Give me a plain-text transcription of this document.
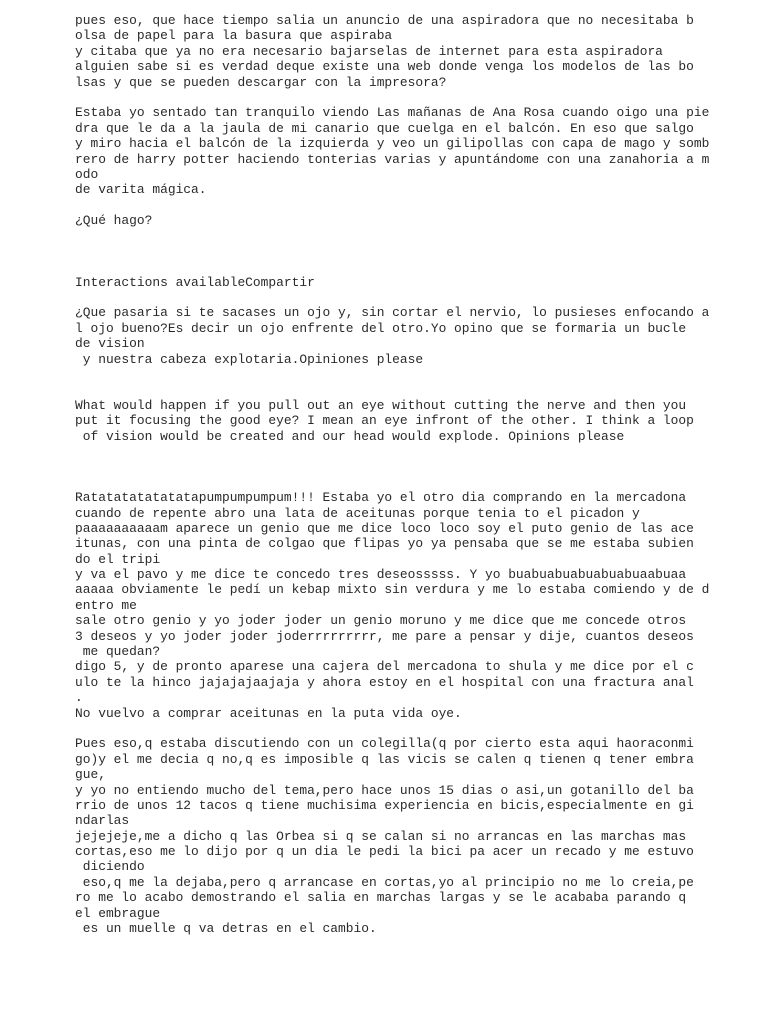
pues eso, que hace tiempo salia un anuncio de una aspiradora que no necesitaba b
olsa de papel para la basura que aspiraba
y citaba que ya no era necesario bajarselas de internet para esta aspiradora
alguien sabe si es verdad deque existe una web donde venga los modelos de las bo
lsas y que se pueden descargar con la impresora?
Estaba yo sentado tan tranquilo viendo Las mañanas de Ana Rosa cuando oigo una pie
dra que le da a la jaula de mi canario que cuelga en el balcón. En eso que salgo
y miro hacia el balcón de la izquierda y veo un gilipollas con capa de mago y somb
rero de harry potter haciendo tonterias varias y apuntándome con una zanahoria a m
odo
de varita mágica.
¿Qué hago?
Interactions availableCompartir
¿Que pasaria si te sacases un ojo y, sin cortar el nervio, lo pusieses enfocando a
l ojo bueno?Es decir un ojo enfrente del otro.Yo opino que se formaria un bucle
de vision
y nuestra cabeza explotaria.Opiniones please
What would happen if you pull out an eye without cutting the nerve and then you
put it focusing the good eye? I mean an eye infront of the other. I think a loop
of vision would be created and our head would explode. Opinions please
Ratatatatatatatapumpumpumpum!!! Estaba yo el otro dia comprando en la mercadona
cuando de repente abro una lata de aceitunas porque tenia to el picadon y
paaaaaaaaaam aparece un genio que me dice loco loco soy el puto genio de las ace
itunas, con una pinta de colgao que flipas yo ya pensaba que se me estaba subien
do el tripi
y va el pavo y me dice te concedo tres deseosssss. Y yo buabuabuabuabuabuaabuaa
aaaaa obviamente le pedí un kebap mixto sin verdura y me lo estaba comiendo y de d
entro me
sale otro genio y yo joder joder un genio moruno y me dice que me concede otros
3 deseos y yo joder joder joderrrrrrrrr, me pare a pensar y dije, cuantos deseos
me quedan?
digo 5, y de pronto aparese una cajera del mercadona to shula y me dice por el c
ulo te la hinco jajajajaajaja y ahora estoy en el hospital con una fractura anal
.
No vuelvo a comprar aceitunas en la puta vida oye.
Pues eso,q estaba discutiendo con un colegilla(q por cierto esta aqui haoraconmi
go)y el me decia q no,q es imposible q las vicis se calen q tienen q tener embra
gue,
y yo no entiendo mucho del tema,pero hace unos 15 dias o asi,un gotanillo del ba
rrio de unos 12 tacos q tiene muchisima experiencia en bicis,especialmente en gi
ndarlas
jejejeje,me a dicho q las Orbea si q se calan si no arrancas en las marchas mas
cortas,eso me lo dijo por q un dia le pedi la bici pa acer un recado y me estuvo
diciendo
eso,q me la dejaba,pero q arrancase en cortas,yo al principio no me lo creia,pe
ro me lo acabo demostrando el salia en marchas largas y se le acababa parando q
el embrague
es un muelle q va detras en el cambio.
